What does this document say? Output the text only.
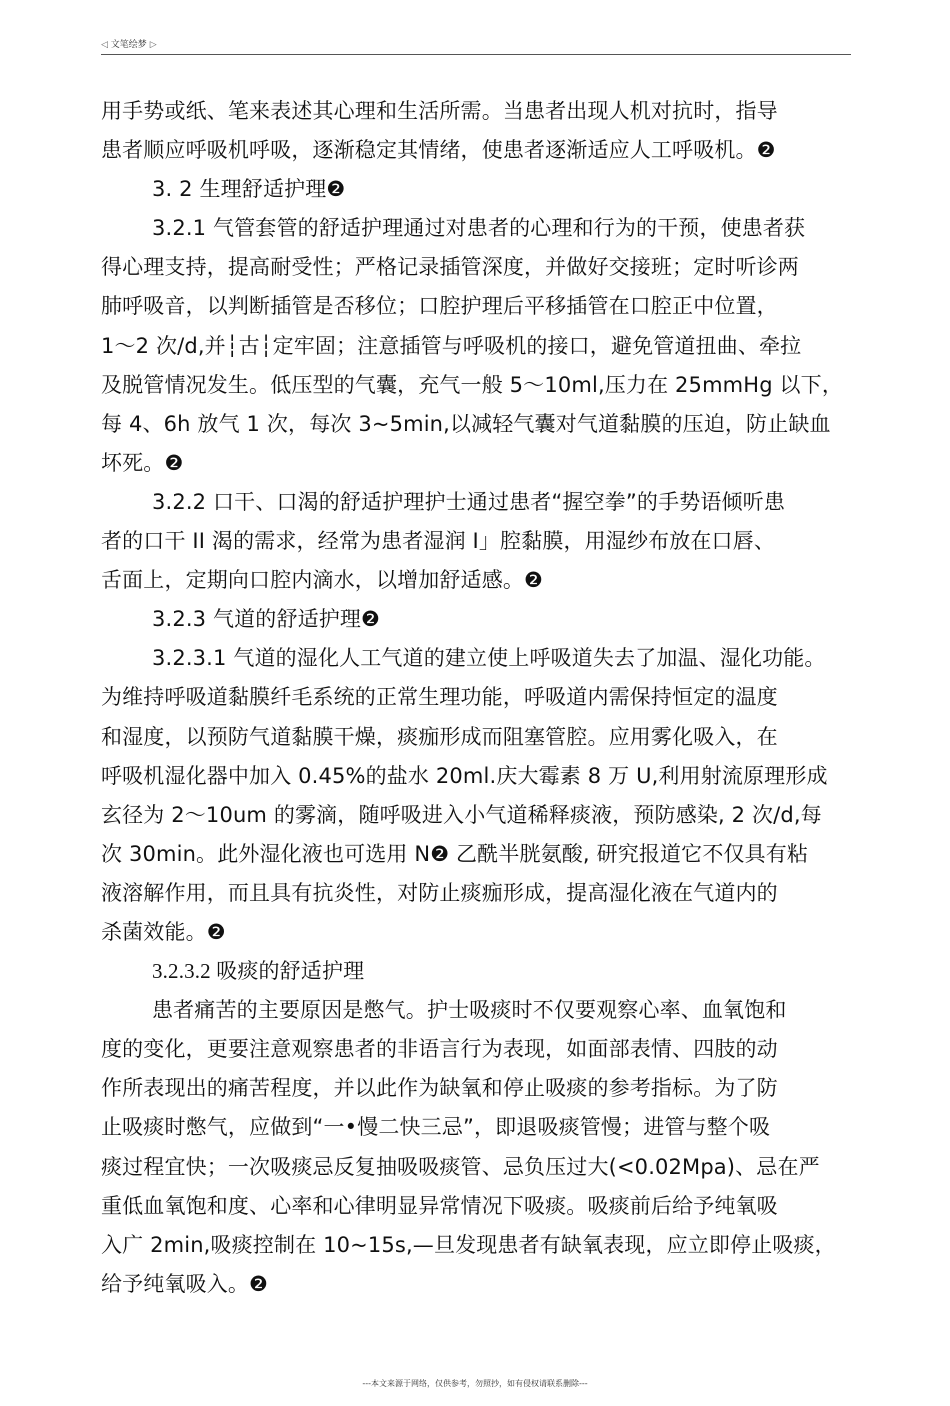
◁ 文笔绘梦 ▷
用手势或纸、笔来表述其心理和生活所需。当患者出现人机对抗时，指导
患者顺应呼吸机呼吸，逐渐稳定其情绪，使患者逐渐适应人工呼吸机。❷
3. 2 生理舒适护理❷
3.2.1 气管套管的舒适护理通过对患者的心理和行为的干预，使患者获
得心理支持，提高耐受性；严格记录插管深度，并做好交接班；定时听诊两
肺呼吸音，以判断插管是否移位；口腔护理后平移插管在口腔正中位置，
1〜2 次/d,并┆古┆定牢固；注意插管与呼吸机的接口，避免管道扭曲、牵拉
及脱管情况发生。低压型的气囊，充气一般 5〜10ml,压力在 25mmHg 以下，
每 4、6h 放气 1 次，每次 3~5min,以减轻气囊对气道黏膜的压迫，防止缺血
坏死。❷
3.2.2 口干、口渴的舒适护理护士通过患者“握空拳”的手势语倾听患
者的口干 II 渴的需求，经常为患者湿润 I」腔黏膜，用湿纱布放在口唇、
舌面上，定期向口腔内滴水，以增加舒适感。❷
3.2.3 气道的舒适护理❷
3.2.3.1 气道的湿化人工气道的建立使上呼吸道失去了加温、湿化功能。
为维持呼吸道黏膜纤毛系统的正常生理功能，呼吸道内需保持恒定的温度
和湿度，以预防气道黏膜干燥，痰痂形成而阻塞管腔。应用雾化吸入，在
呼吸机湿化器中加入 0.45%的盐水 20ml.庆大霉素 8 万 U,利用射流原理形成
玄径为 2〜10um 的雾滴，随呼吸进入小气道稀释痰液，预防感染, 2 次/d,每
次 30min。此外湿化液也可选用 N❷ 乙酰半胱氨酸, 研究报道它不仅具有粘
液溶解作用，而且具有抗炎性，对防止痰痂形成，提高湿化液在气道内的
杀菌效能。❷
3.2.3.2 吸痰的舒适护理
患者痛苦的主要原因是憋气。护士吸痰时不仅要观察心率、血氧饱和
度的变化，更要注意观察患者的非语言行为表现，如面部表情、四肢的动
作所表现出的痛苦程度，并以此作为缺氧和停止吸痰的参考指标。为了防
止吸痰时憋气，应做到“一•慢二快三忌”，即退吸痰管慢；进管与整个吸
痰过程宜快；一次吸痰忌反复抽吸吸痰管、忌负压过大(<0.02Mpa)、忌在严
重低血氧饱和度、心率和心律明显异常情况下吸痰。吸痰前后给予纯氧吸
入广 2min,吸痰控制在 10~15s,—旦发现患者有缺氧表现，应立即停止吸痰，
给予纯氧吸入。❷
---本文来源于网络，仅供参考，勿照抄，如有侵权请联系删除---
